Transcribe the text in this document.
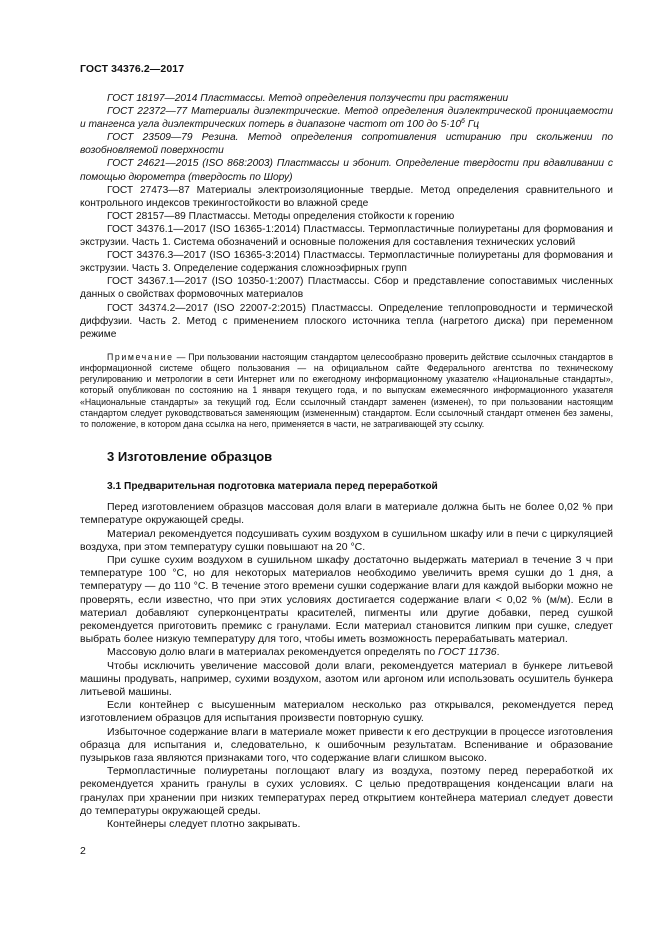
ГОСТ 34376.2—2017

ГОСТ 18197—2014 Пластмассы. Метод определения ползучести при растяжении

ГОСТ 22372—77 Материалы диэлектрические. Метод определения диэлектрической проницаемости и тангенса угла диэлектрических потерь в диапазоне частот от 100 до $5\cdot 10^6$ Гц

ГОСТ 23509—79 Резина. Метод определения сопротивления истиранию при скольжении по возобновляемой поверхности

ГОСТ 24621—2015 (ISO 868:2003) Пластмассы и эбонит. Определение твердости при вдавливании с помощью дюрометра (твердость по Шору)

ГОСТ 27473—87 Материалы электроизоляционные твердые. Метод определения сравнительного и контрольного индексов трекингостойкости во влажной среде

ГОСТ 28157—89 Пластмассы. Методы определения стойкости к горению

ГОСТ 34376.1—2017 (ISO 16365-1:2014) Пластмассы. Термопластичные полиуретаны для формования и экструзии. Часть 1. Система обозначений и основные положения для составления технических условий

ГОСТ 34376.3—2017 (ISO 16365-3:2014) Пластмассы. Термопластичные полиуретаны для формования и экструзии. Часть 3. Определение содержания сложноэфирных групп

ГОСТ 34367.1—2017 (ISO 10350-1:2007) Пластмассы. Сбор и представление сопоставимых численных данных о свойствах формовочных материалов

ГОСТ 34374.2—2017 (ISO 22007-2:2015) Пластмассы. Определение теплопроводности и термической диффузии. Часть 2. Метод с применением плоского источника тепла (нагретого диска) при переменном режиме

Примечание — При пользовании настоящим стандартом целесообразно проверить действие ссылочных стандартов в информационной системе общего пользования — на официальном сайте Федерального агентства по техническому регулированию и метрологии в сети Интернет или по ежегодному информационному указателю «Национальные стандарты», который опубликован по состоянию на 1 января текущего года, и по выпускам ежемесячного информационного указателя «Национальные стандарты» за текущий год. Если ссылочный стандарт заменен (изменен), то при пользовании настоящим стандартом следует руководствоваться заменяющим (измененным) стандартом. Если ссылочный стандарт отменен без замены, то положение, в котором дана ссылка на него, применяется в части, не затрагивающей эту ссылку.

3 Изготовление образцов
3.1 Предварительная подготовка материала перед переработкой

Перед изготовлением образцов массовая доля влаги в материале должна быть не более 0,02 % при температуре окружающей среды.

Материал рекомендуется подсушивать сухим воздухом в сушильном шкафу или в печи с циркуляцией воздуха, при этом температуру сушки повышают на 20 °С.

При сушке сухим воздухом в сушильном шкафу достаточно выдержать материал в течение 3 ч при температуре 100 °С, но для некоторых материалов необходимо увеличить время сушки до 1 дня, а температуру — до 110 °С. В течение этого времени сушки содержание влаги для каждой выборки можно не проверять, если известно, что при этих условиях достигается содержание влаги < 0,02 % (м/м). Если в материал добавляют суперконцентраты красителей, пигменты или другие добавки, перед сушкой рекомендуется приготовить премикс с гранулами. Если материал становится липким при сушке, следует выбрать более низкую температуру для того, чтобы иметь возможность перерабатывать материал.

Массовую долю влаги в материалах рекомендуется определять по ГОСТ 11736.

Чтобы исключить увеличение массовой доли влаги, рекомендуется материал в бункере литьевой машины продувать, например, сухими воздухом, азотом или аргоном или использовать осушитель бункера литьевой машины.

Если контейнер с высушенным материалом несколько раз открывался, рекомендуется перед изготовлением образцов для испытания произвести повторную сушку.

Избыточное содержание влаги в материале может привести к его деструкции в процессе изготовления образца для испытания и, следовательно, к ошибочным результатам. Вспенивание и образование пузырьков газа являются признаками того, что содержание влаги слишком высоко.

Термопластичные полиуретаны поглощают влагу из воздуха, поэтому перед переработкой их рекомендуется хранить гранулы в сухих условиях. С целью предотвращения конденсации влаги на гранулах при хранении при низких температурах перед открытием контейнера материал следует довести до температуры окружающей среды.

Контейнеры следует плотно закрывать.

2
